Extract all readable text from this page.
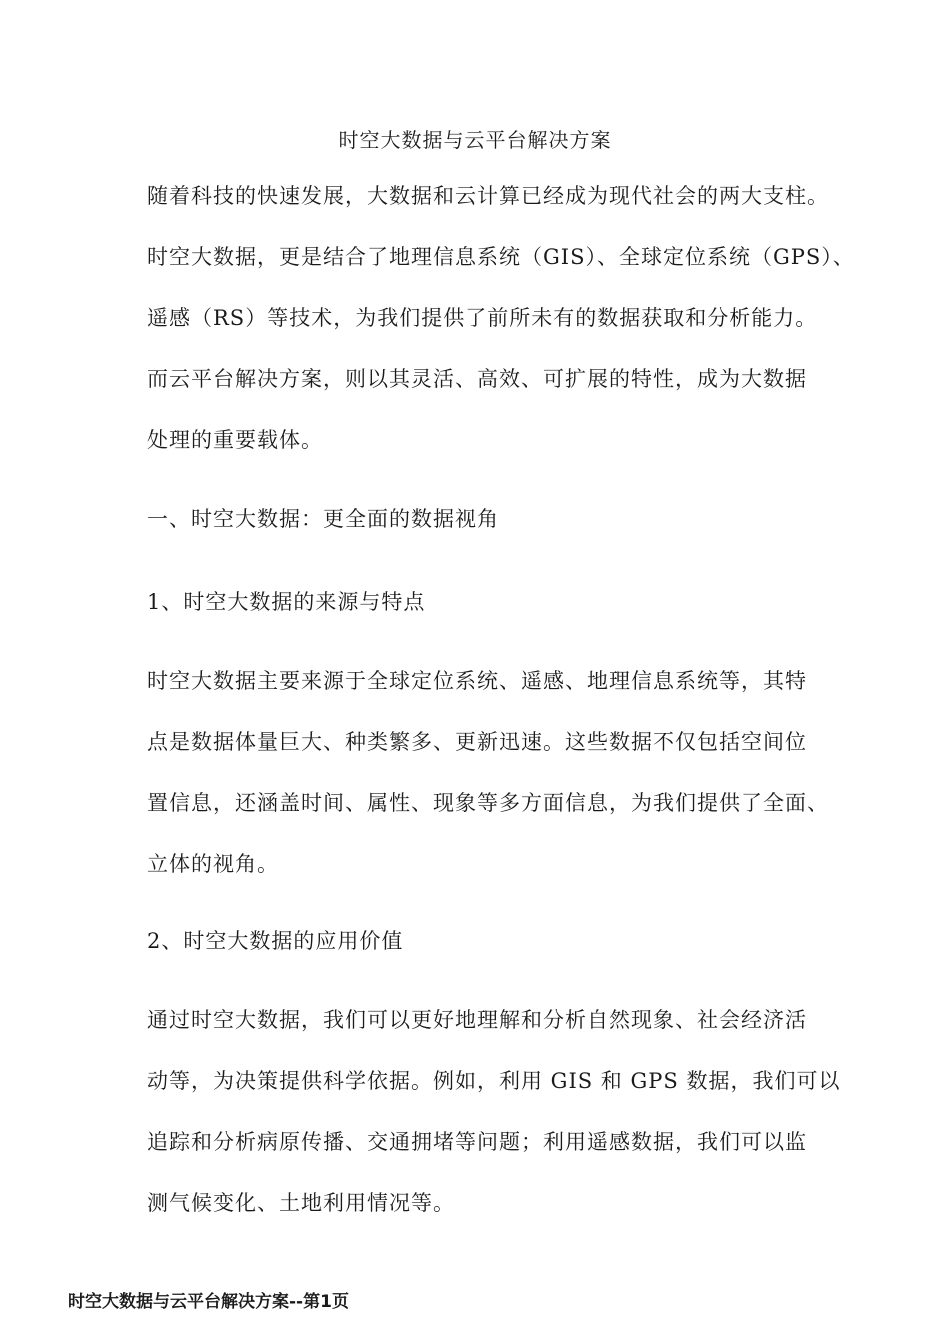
时空大数据与云平台解决方案
随着科技的快速发展，大数据和云计算已经成为现代社会的两大支柱。
时空大数据，更是结合了地理信息系统（GIS）、全球定位系统（GPS）、
遥感（RS）等技术，为我们提供了前所未有的数据获取和分析能力。
而云平台解决方案，则以其灵活、高效、可扩展的特性，成为大数据
处理的重要载体。
一、时空大数据：更全面的数据视角
1、时空大数据的来源与特点
时空大数据主要来源于全球定位系统、遥感、地理信息系统等，其特
点是数据体量巨大、种类繁多、更新迅速。这些数据不仅包括空间位
置信息，还涵盖时间、属性、现象等多方面信息，为我们提供了全面、
立体的视角。
2、时空大数据的应用价值
通过时空大数据，我们可以更好地理解和分析自然现象、社会经济活
动等，为决策提供科学依据。例如，利用 GIS 和 GPS 数据，我们可以
追踪和分析病原传播、交通拥堵等问题；利用遥感数据，我们可以监
测气候变化、土地利用情况等。
时空大数据与云平台解决方案--第1页
